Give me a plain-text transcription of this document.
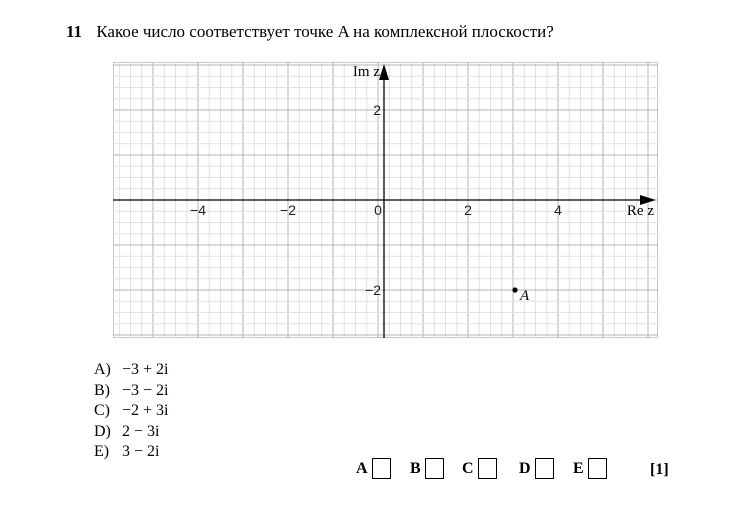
11 Какое число соответствует точке A на комплексной плоскости?
Re z
Im z
−4	−2	0	2	4
2
−2	A
A) −3 + 2i
B) −3 − 2i
C) −2 + 3i
D) 2 − 3i
E) 3 − 2i
A	B	C	D	E	[1]
